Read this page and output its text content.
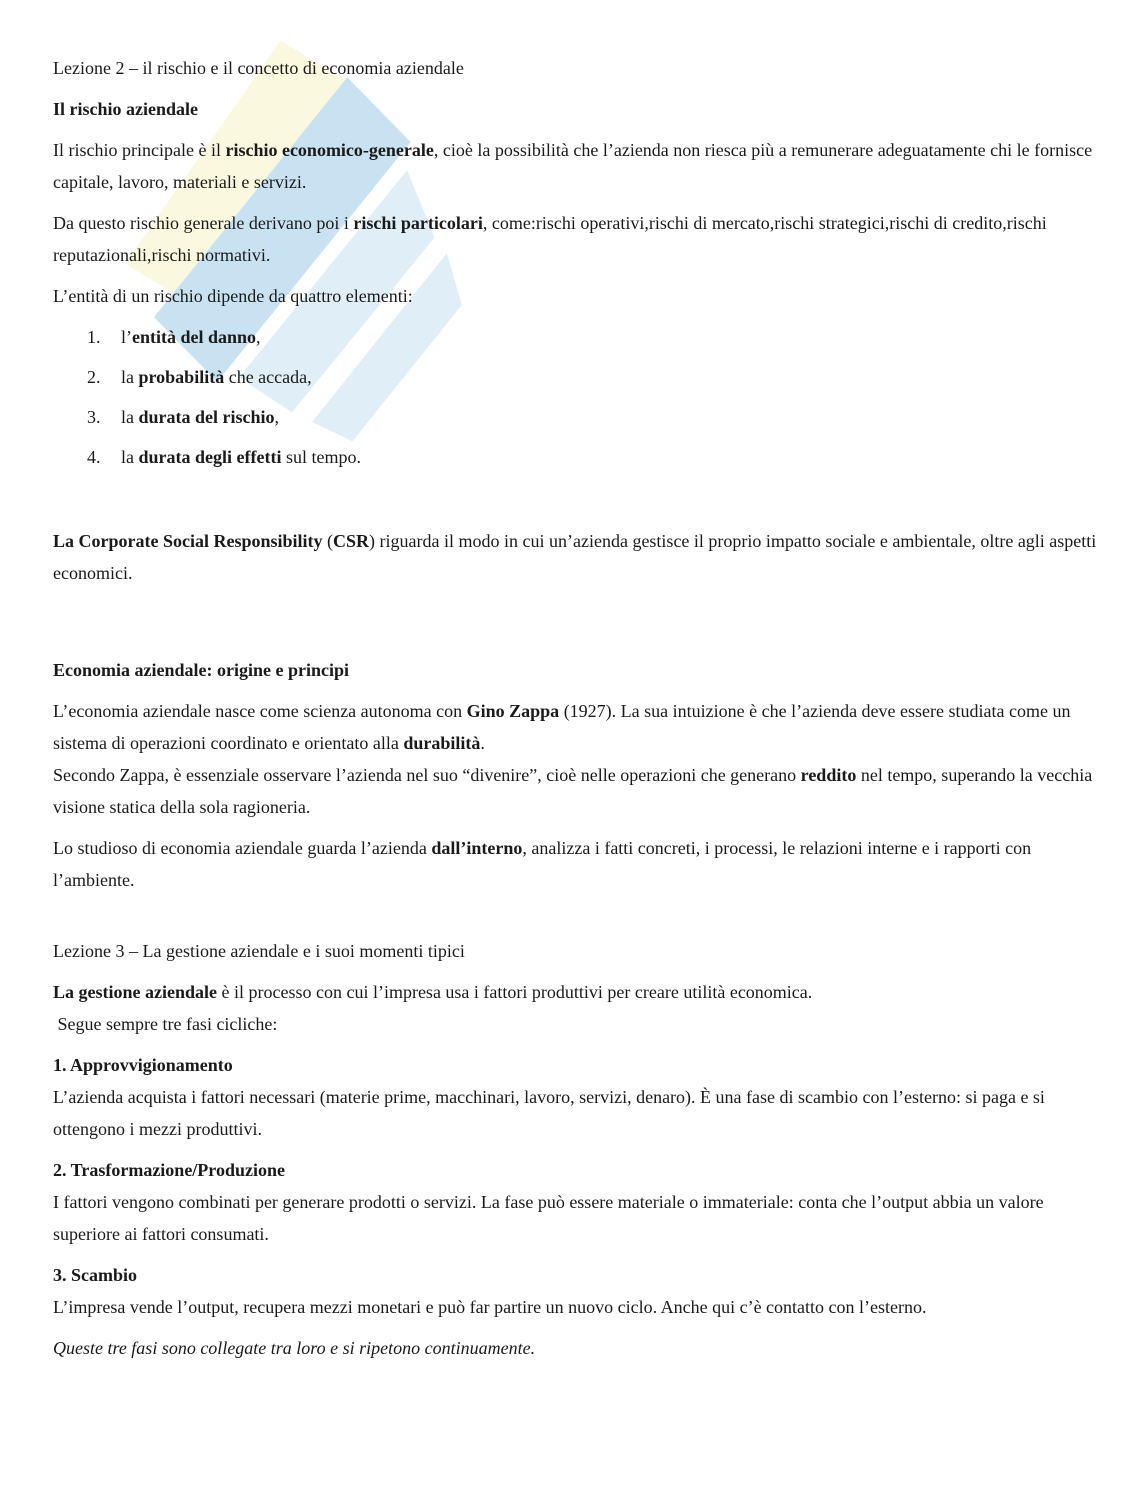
Lezione 2 – il rischio e il concetto di economia aziendale

Il rischio aziendale

Il rischio principale è il rischio economico-generale, cioè la possibilità che l’azienda non riesca più a remunerare adeguatamente chi le fornisce capitale, lavoro, materiali e servizi.

Da questo rischio generale derivano poi i rischi particolari, come:rischi operativi,rischi di mercato,rischi strategici,rischi di credito,rischi reputazionali,rischi normativi.

L’entità di un rischio dipende da quattro elementi:

1.	l’entità del danno,
2.	la probabilità che accada,
3.	la durata del rischio,
4.	la durata degli effetti sul tempo.

La Corporate Social Responsibility (CSR) riguarda il modo in cui un’azienda gestisce il proprio impatto sociale e ambientale, oltre agli aspetti economici.

Economia aziendale: origine e principi

L’economia aziendale nasce come scienza autonoma con Gino Zappa (1927). La sua intuizione è che l’azienda deve essere studiata come un sistema di operazioni coordinato e orientato alla durabilità.

Secondo Zappa, è essenziale osservare l’azienda nel suo “divenire”, cioè nelle operazioni che generano reddito nel tempo, superando la vecchia visione statica della sola ragioneria.

Lo studioso di economia aziendale guarda l’azienda dall’interno, analizza i fatti concreti, i processi, le relazioni interne e i rapporti con l’ambiente.

Lezione 3 – La gestione aziendale e i suoi momenti tipici

La gestione aziendale è il processo con cui l’impresa usa i fattori produttivi per creare utilità economica.

Segue sempre tre fasi cicliche:

1. Approvvigionamento

L’azienda acquista i fattori necessari (materie prime, macchinari, lavoro, servizi, denaro). È una fase di scambio con l’esterno: si paga e si ottengono i mezzi produttivi.

2. Trasformazione/Produzione

I fattori vengono combinati per generare prodotti o servizi. La fase può essere materiale o immateriale: conta che l’output abbia un valore superiore ai fattori consumati.

3. Scambio

L’impresa vende l’output, recupera mezzi monetari e può far partire un nuovo ciclo. Anche qui c’è contatto con l’esterno.

Queste tre fasi sono collegate tra loro e si ripetono continuamente.
